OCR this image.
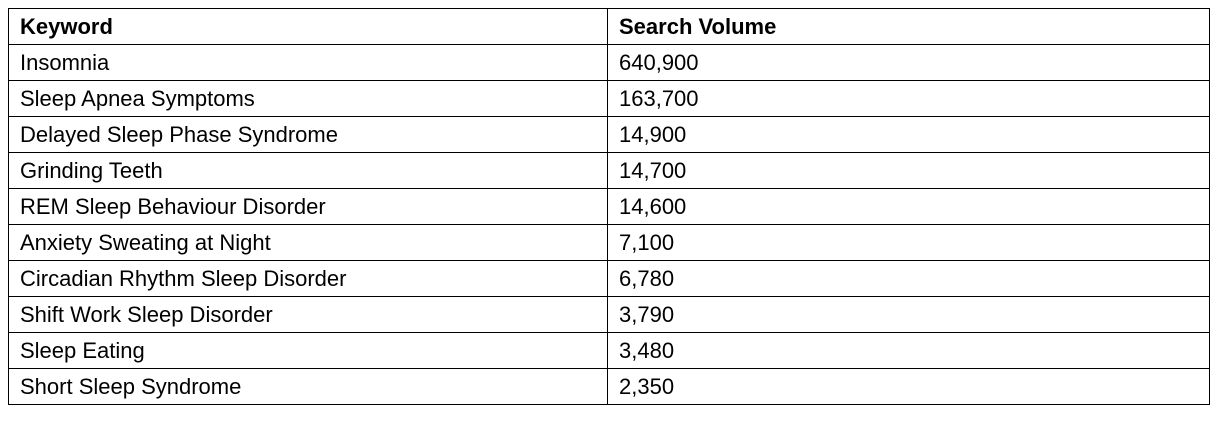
Keyword	Search Volume
Insomnia	640,900
Sleep Apnea Symptoms	163,700
Delayed Sleep Phase Syndrome	14,900
Grinding Teeth	14,700
REM Sleep Behaviour Disorder	14,600
Anxiety Sweating at Night	7,100
Circadian Rhythm Sleep Disorder	6,780
Shift Work Sleep Disorder	3,790
Sleep Eating	3,480
Short Sleep Syndrome	2,350
